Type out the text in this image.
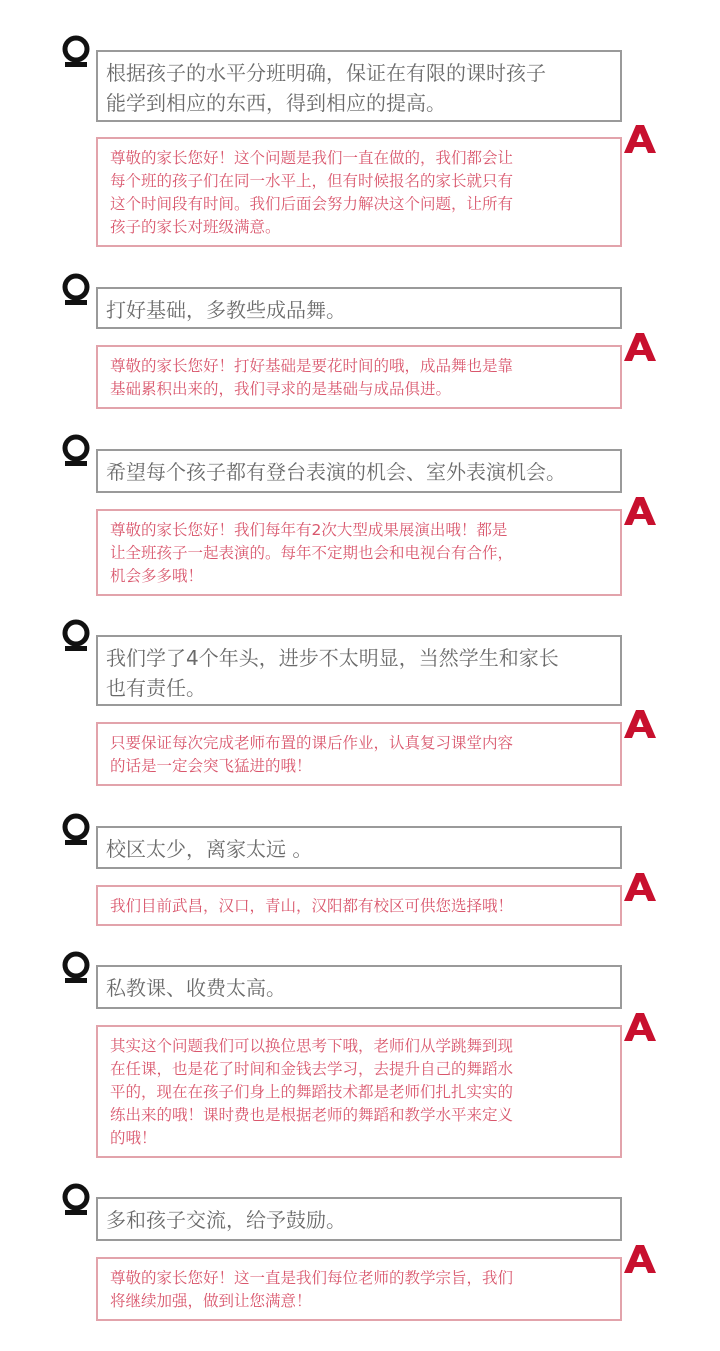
根据孩子的水平分班明确，保证在有限的课时孩子
能学到相应的东西，得到相应的提高。
尊敬的家长您好！这个问题是我们一直在做的，我们都会让
每个班的孩子们在同一水平上，但有时候报名的家长就只有
这个时间段有时间。我们后面会努力解决这个问题，让所有
孩子的家长对班级满意。
打好基础，多教些成品舞。
尊敬的家长您好！打好基础是要花时间的哦，成品舞也是靠
基础累积出来的，我们寻求的是基础与成品俱进。
希望每个孩子都有登台表演的机会、室外表演机会。
尊敬的家长您好！我们每年有2次大型成果展演出哦！都是
让全班孩子一起表演的。每年不定期也会和电视台有合作，
机会多多哦！
我们学了4个年头，进步不太明显，当然学生和家长
也有责任。
只要保证每次完成老师布置的课后作业，认真复习课堂内容
的话是一定会突飞猛进的哦！
校区太少，离家太远 。
我们目前武昌，汉口，青山，汉阳都有校区可供您选择哦！
私教课、收费太高。
其实这个问题我们可以换位思考下哦，老师们从学跳舞到现
在任课，也是花了时间和金钱去学习，去提升自己的舞蹈水
平的，现在在孩子们身上的舞蹈技术都是老师们扎扎实实的
练出来的哦！课时费也是根据老师的舞蹈和教学水平来定义
的哦！
多和孩子交流，给予鼓励。
尊敬的家长您好！这一直是我们每位老师的教学宗旨，我们
将继续加强，做到让您满意！
